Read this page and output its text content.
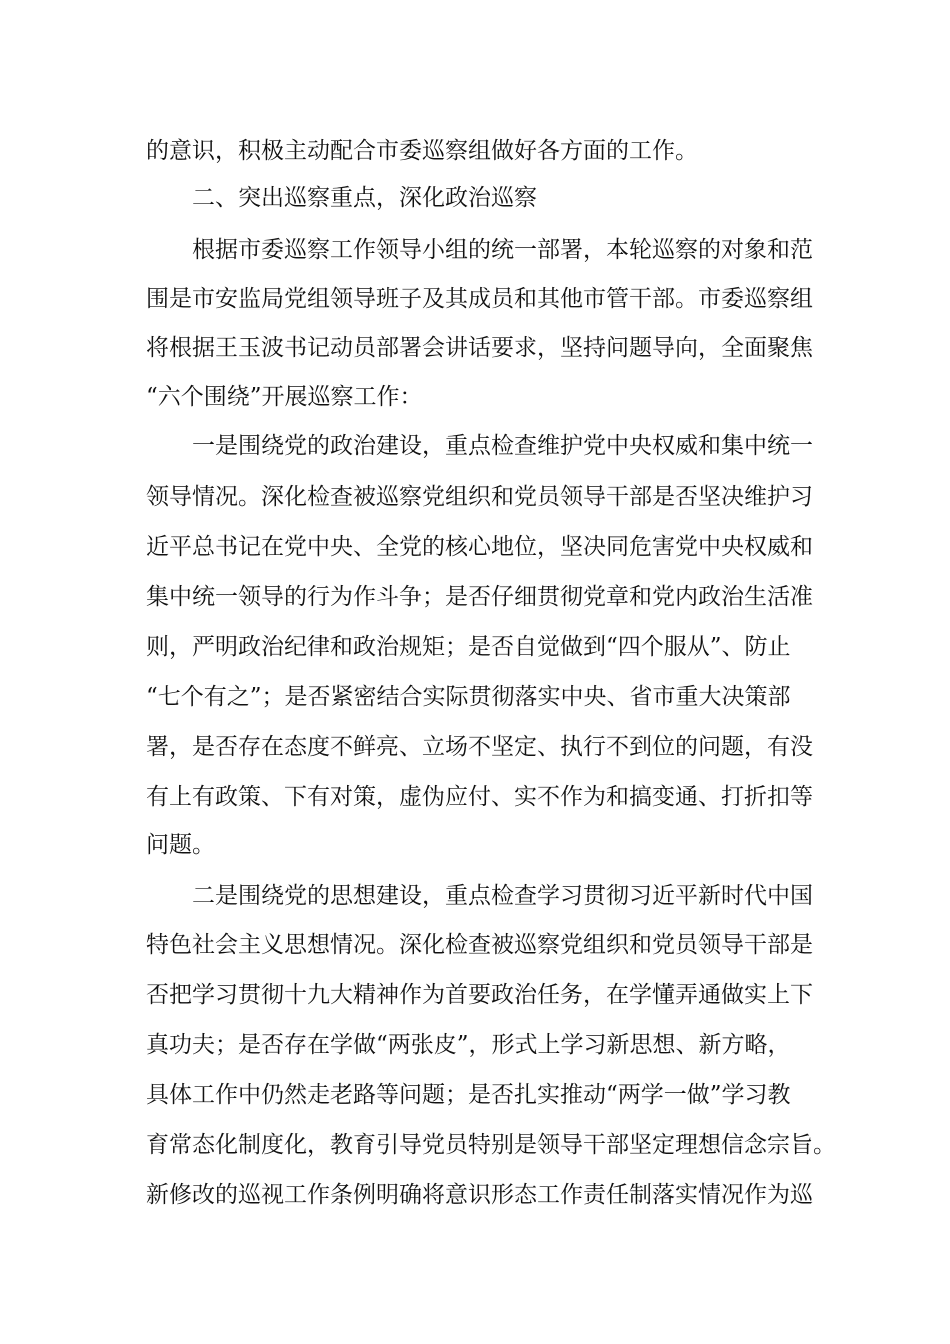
的意识，积极主动配合市委巡察组做好各方面的工作。
二、突出巡察重点，深化政治巡察
根据市委巡察工作领导小组的统一部署，本轮巡察的对象和范
围是市安监局党组领导班子及其成员和其他市管干部。市委巡察组
将根据王玉波书记动员部署会讲话要求，坚持问题导向，全面聚焦
“六个围绕”开展巡察工作：
一是围绕党的政治建设，重点检查维护党中央权威和集中统一
领导情况。深化检查被巡察党组织和党员领导干部是否坚决维护习
近平总书记在党中央、全党的核心地位，坚决同危害党中央权威和
集中统一领导的行为作斗争；是否仔细贯彻党章和党内政治生活准
则，严明政治纪律和政治规矩；是否自觉做到“四个服从”、防止
“七个有之”；是否紧密结合实际贯彻落实中央、省市重大决策部
署，是否存在态度不鲜亮、立场不坚定、执行不到位的问题，有没
有上有政策、下有对策，虚伪应付、实不作为和搞变通、打折扣等
问题。
二是围绕党的思想建设，重点检查学习贯彻习近平新时代中国
特色社会主义思想情况。深化检查被巡察党组织和党员领导干部是
否把学习贯彻十九大精神作为首要政治任务，在学懂弄通做实上下
真功夫；是否存在学做“两张皮”，形式上学习新思想、新方略，
具体工作中仍然走老路等问题；是否扎实推动“两学一做”学习教
育常态化制度化，教育引导党员特别是领导干部坚定理想信念宗旨。
新修改的巡视工作条例明确将意识形态工作责任制落实情况作为巡
